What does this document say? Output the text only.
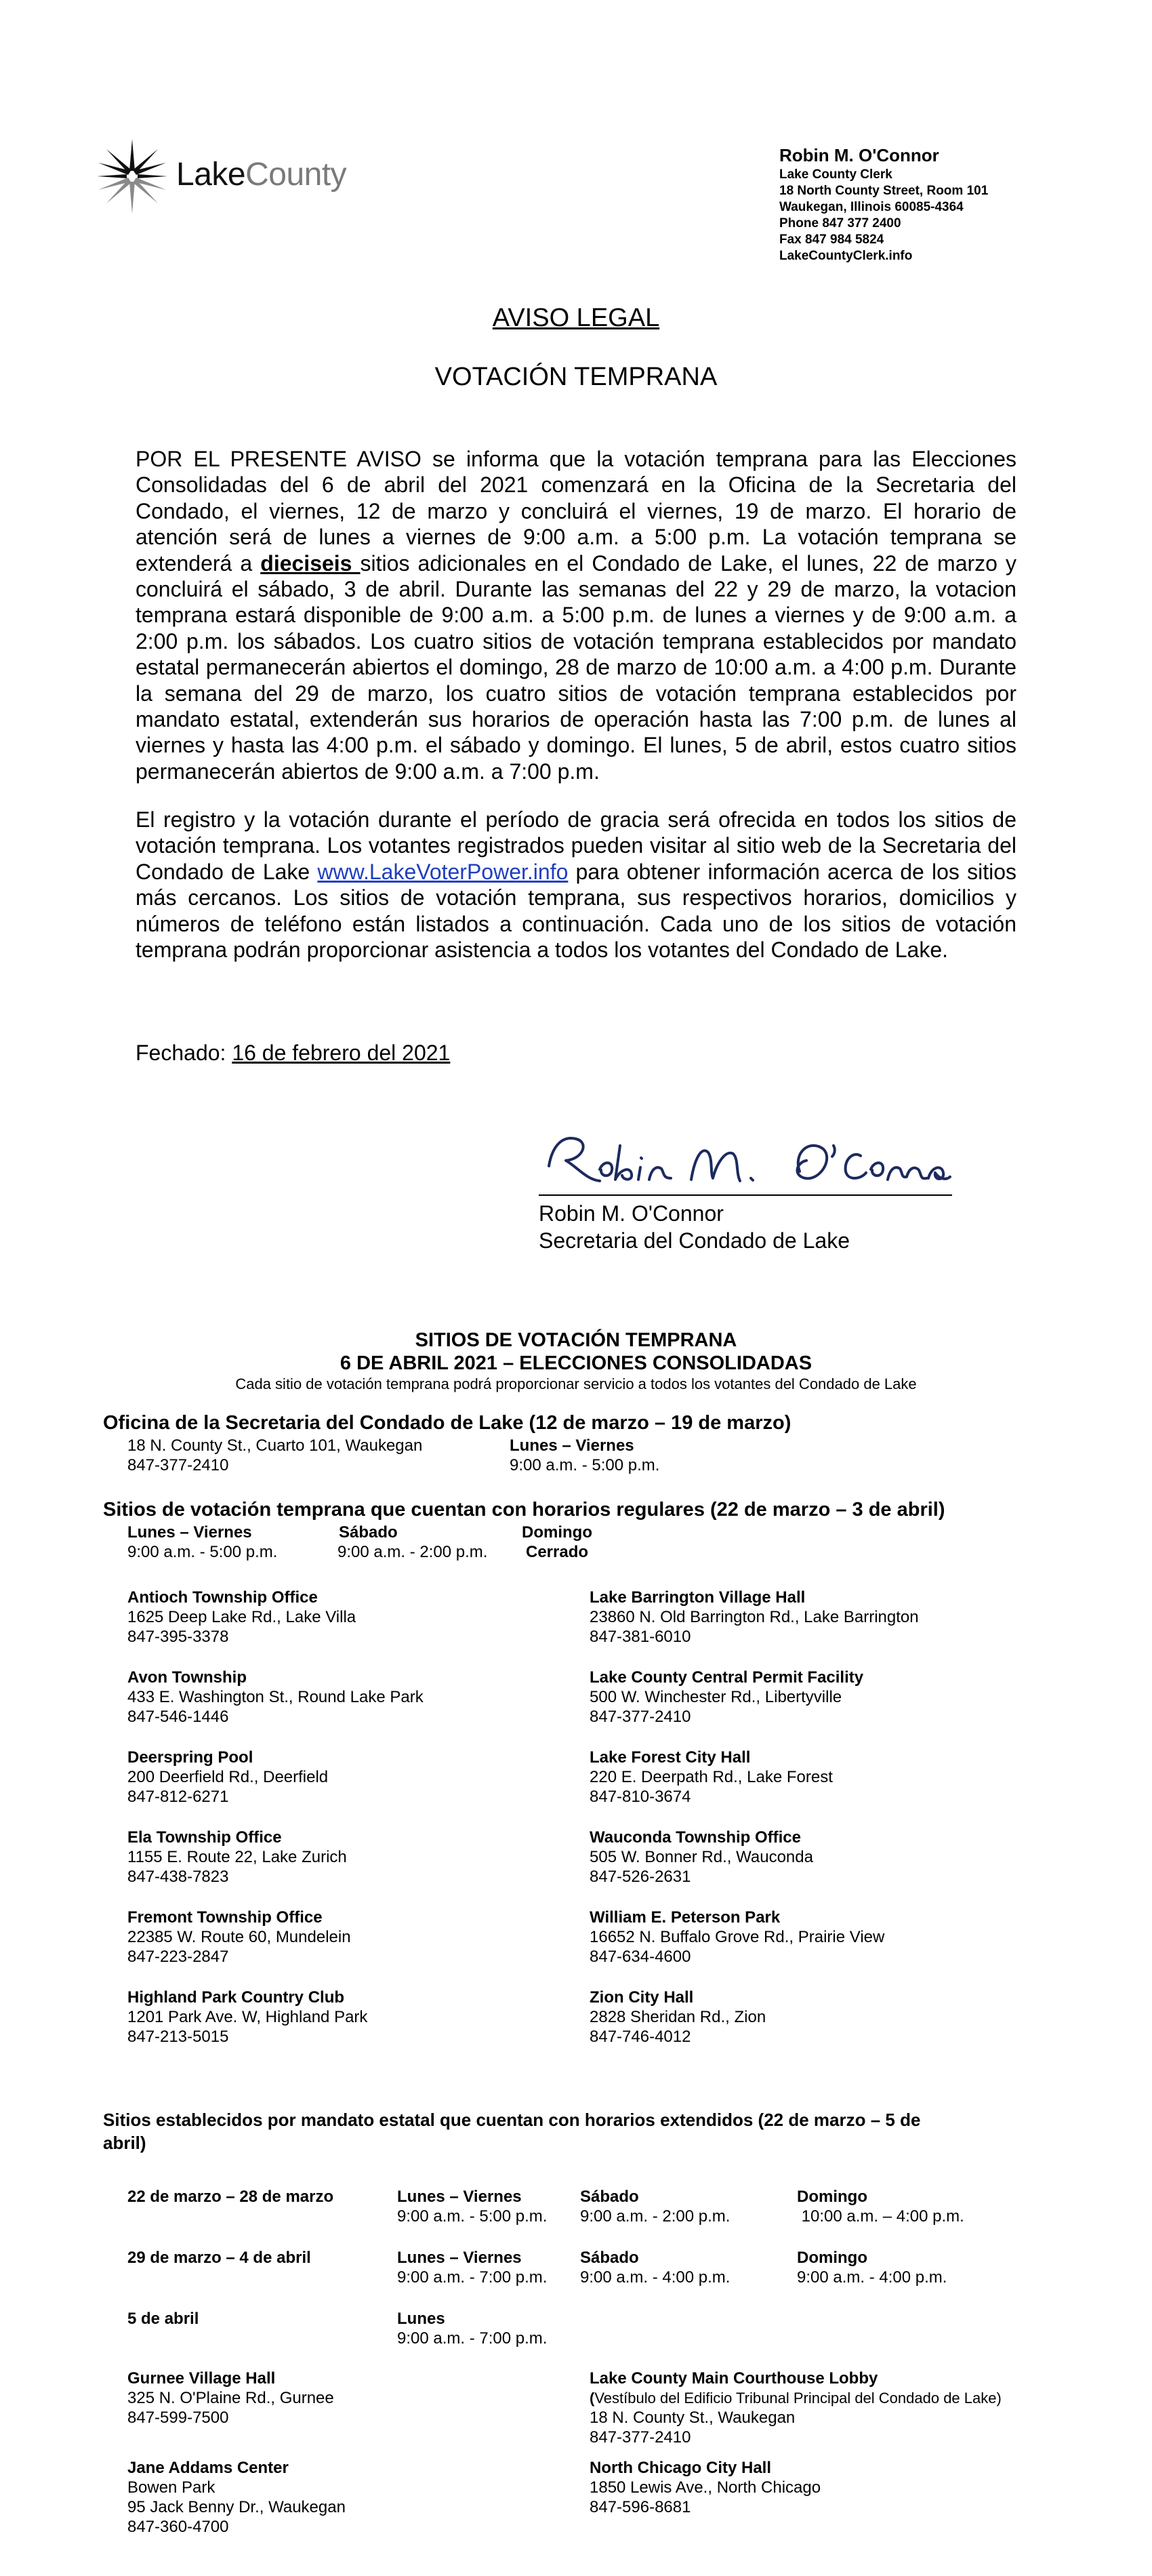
LakeCounty
Robin M. O'Connor
Lake County Clerk
18 North County Street, Room 101
Waukegan, Illinois 60085-4364
Phone 847 377 2400
Fax 847 984 5824
LakeCountyClerk.info
AVISO LEGAL
VOTACIÓN TEMPRANA
POR EL PRESENTE AVISO se informa que la votación temprana para las Elecciones Consolidadas del 6 de abril del 2021 comenzará en la Oficina de la Secretaria del Condado, el viernes, 12 de marzo y concluirá el viernes, 19 de marzo. El horario de atención será de lunes a viernes de 9:00 a.m. a 5:00 p.m. La votación temprana se extenderá a dieciseis sitios adicionales en el Condado de Lake, el lunes, 22 de marzo y concluirá el sábado, 3 de abril. Durante las semanas del 22 y 29 de marzo, la votacion temprana estará disponible de 9:00 a.m. a 5:00 p.m. de lunes a viernes y de 9:00 a.m. a 2:00 p.m. los sábados. Los cuatro sitios de votación temprana establecidos por mandato estatal permanecerán abiertos el domingo, 28 de marzo de 10:00 a.m. a 4:00 p.m. Durante la semana del 29 de marzo, los cuatro sitios de votación temprana establecidos por mandato estatal, extenderán sus horarios de operación hasta las 7:00 p.m. de lunes al viernes y hasta las 4:00 p.m. el sábado y domingo. El lunes, 5 de abril, estos cuatro sitios permanecerán abiertos de 9:00 a.m. a 7:00 p.m.
El registro y la votación durante el período de gracia será ofrecida en todos los sitios de votación temprana. Los votantes registrados pueden visitar al sitio web de la Secretaria del Condado de Lake www.LakeVoterPower.info para obtener información acerca de los sitios más cercanos. Los sitios de votación temprana, sus respectivos horarios, domicilios y números de teléfono están listados a continuación. Cada uno de los sitios de votación temprana podrán proporcionar asistencia a todos los votantes del Condado de Lake.
Fechado: 16 de febrero del 2021
Robin M. O'Connor
Secretaria del Condado de Lake
SITIOS DE VOTACIÓN TEMPRANA
6 DE ABRIL 2021 – ELECCIONES CONSOLIDADAS
Cada sitio de votación temprana podrá proporcionar servicio a todos los votantes del Condado de Lake
Oficina de la Secretaria del Condado de Lake (12 de marzo – 19 de marzo)
18 N. County St., Cuarto 101, Waukegan
847-377-2410
Lunes – Viernes
9:00 a.m. - 5:00 p.m.
Sitios de votación temprana que cuentan con horarios regulares (22 de marzo – 3 de abril)
Lunes – Viernes
9:00 a.m. - 5:00 p.m.
Sábado
9:00 a.m. - 2:00 p.m.
Domingo
Cerrado
Antioch Township Office
1625 Deep Lake Rd., Lake Villa
847-395-3378
Avon Township
433 E. Washington St., Round Lake Park
847-546-1446
Deerspring Pool
200 Deerfield Rd., Deerfield
847-812-6271
Ela Township Office
1155 E. Route 22, Lake Zurich
847-438-7823
Fremont Township Office
22385 W. Route 60, Mundelein
847-223-2847
Highland Park Country Club
1201 Park Ave. W, Highland Park
847-213-5015
Lake Barrington Village Hall
23860 N. Old Barrington Rd., Lake Barrington
847-381-6010
Lake County Central Permit Facility
500 W. Winchester Rd., Libertyville
847-377-2410
Lake Forest City Hall
220 E. Deerpath Rd., Lake Forest
847-810-3674
Wauconda Township Office
505 W. Bonner Rd., Wauconda
847-526-2631
William E. Peterson Park
16652 N. Buffalo Grove Rd., Prairie View
847-634-4600
Zion City Hall
2828 Sheridan Rd., Zion
847-746-4012
Sitios establecidos por mandato estatal que cuentan con horarios extendidos (22 de marzo – 5 de
abril)
22 de marzo – 28 de marzo	Lunes – Viernes
9:00 a.m. - 5:00 p.m.
Sábado
9:00 a.m. - 2:00 p.m.
Domingo
10:00 a.m. – 4:00 p.m.
29 de marzo – 4 de abril	Lunes – Viernes
9:00 a.m. - 7:00 p.m.
Sábado
9:00 a.m. - 4:00 p.m.
Domingo
9:00 a.m. - 4:00 p.m.
5 de abril	Lunes
9:00 a.m. - 7:00 p.m.
Gurnee Village Hall
325 N. O'Plaine Rd., Gurnee
847-599-7500
Lake County Main Courthouse Lobby
(Vestíbulo del Edificio Tribunal Principal del Condado de Lake)
18 N. County St., Waukegan
847-377-2410
Jane Addams Center
Bowen Park
95 Jack Benny Dr., Waukegan
847-360-4700
North Chicago City Hall
1850 Lewis Ave., North Chicago
847-596-8681
